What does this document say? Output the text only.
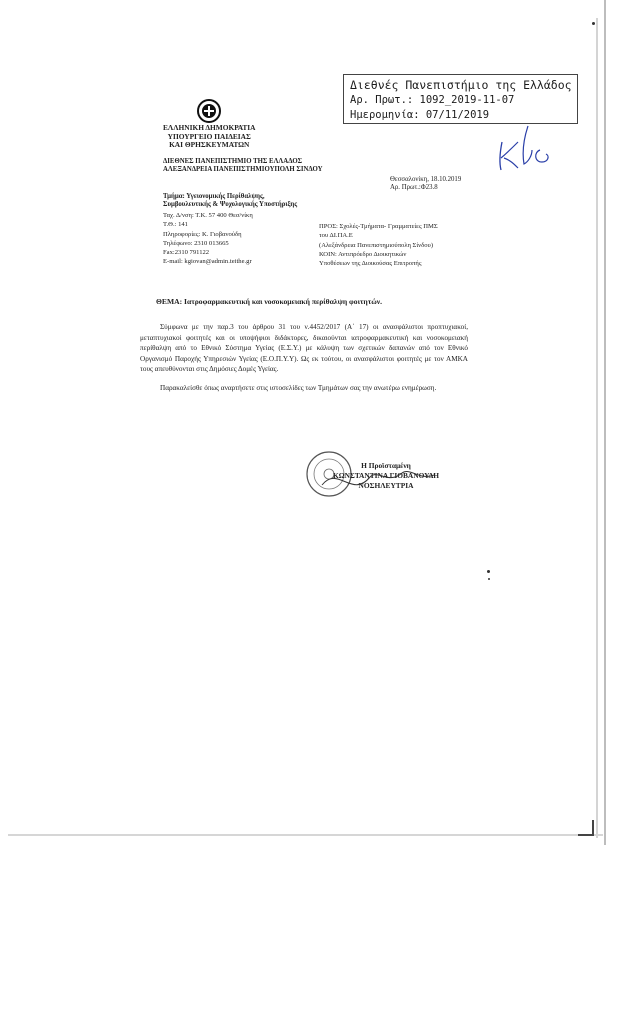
Διεθνές Πανεπιστήμιο της Ελλάδος
Αρ. Πρωτ.: 1092_2019-11-07
Ημερομηνία: 07/11/2019
ΕΛΛΗΝΙΚΗ ΔΗΜΟΚΡΑΤΙΑ
ΥΠΟΥΡΓΕΙΟ ΠΑΙΔΕΙΑΣ
ΚΑΙ ΘΡΗΣΚΕΥΜΑΤΩΝ
ΔΙΕΘΝΕΣ ΠΑΝΕΠΙΣΤΗΜΙΟ ΤΗΣ ΕΛΛΑΔΟΣ
ΑΛΕΞΑΝΔΡΕΙΑ ΠΑΝΕΠΙΣΤΗΜΙΟΥΠΟΛΗ ΣΙΝΔΟΥ
Θεσσαλονίκη, 18.10.2019
Αρ. Πρωτ.:Φ23.8
Τμήμα: Υγειονομικής Περίθαλψης,
Συμβουλευτικής & Ψυχολογικής Υποστήριξης
Ταχ. Δ/νση: Τ.Κ. 57 400 Θεσ/νίκη
Τ.Θ.: 141
Πληροφορίες: Κ. Γιοβανούδη
Τηλέφωνο: 2310 013665
Fax:2310 791122
E-mail: kgiovan@admin.teithe.gr
ΠΡΟΣ: Σχολές-Τμήματα- Γραμματείες ΠΜΣ
του ΔΙ.ΠΑ.Ε
(Αλεξάνδρεια Πανεπιστημιούπολη Σίνδου)
ΚΟΙΝ: Αντιπρόεδρο Διοικητικών
Υποθέσεων της Διοικούσας Επιτροπής
ΘΕΜΑ: Ιατροφαρμακευτική και νοσοκομειακή περίθαλψη φοιτητών.

Σύμφωνα με την παρ.3 του άρθρου 31 του ν.4452/2017 (Α΄ 17) οι ανασφάλιστοι προπτυχιακοί, μεταπτυχιακοί φοιτητές και οι υποψήφιοι διδάκτορες, δικαιούνται ιατροφαρμακευτική και νοσοκομειακή περίθαλψη από το Εθνικό Σύστημα Υγείας (Ε.Σ.Υ.) με κάλυψη των σχετικών δαπανών από τον Εθνικό Οργανισμό Παροχής Υπηρεσιών Υγείας (Ε.Ο.Π.Υ.Υ). Ως εκ τούτου, οι ανασφάλιστοι φοιτητές με τον ΑΜΚΑ τους απευθύνονται στις Δημόσιες Δομές Υγείας.

Παρακαλείσθε όπως αναρτήσετε στις ιστοσελίδες των Τμημάτων σας την ανωτέρω ενημέρωση.

Η Προϊσταμένη
ΚΩΝΣΤΑΝΤΙΝΑ ΓΙΟΒΑΝΟΥΔΗ
ΝΟΣΗΛΕΥΤΡΙΑ
